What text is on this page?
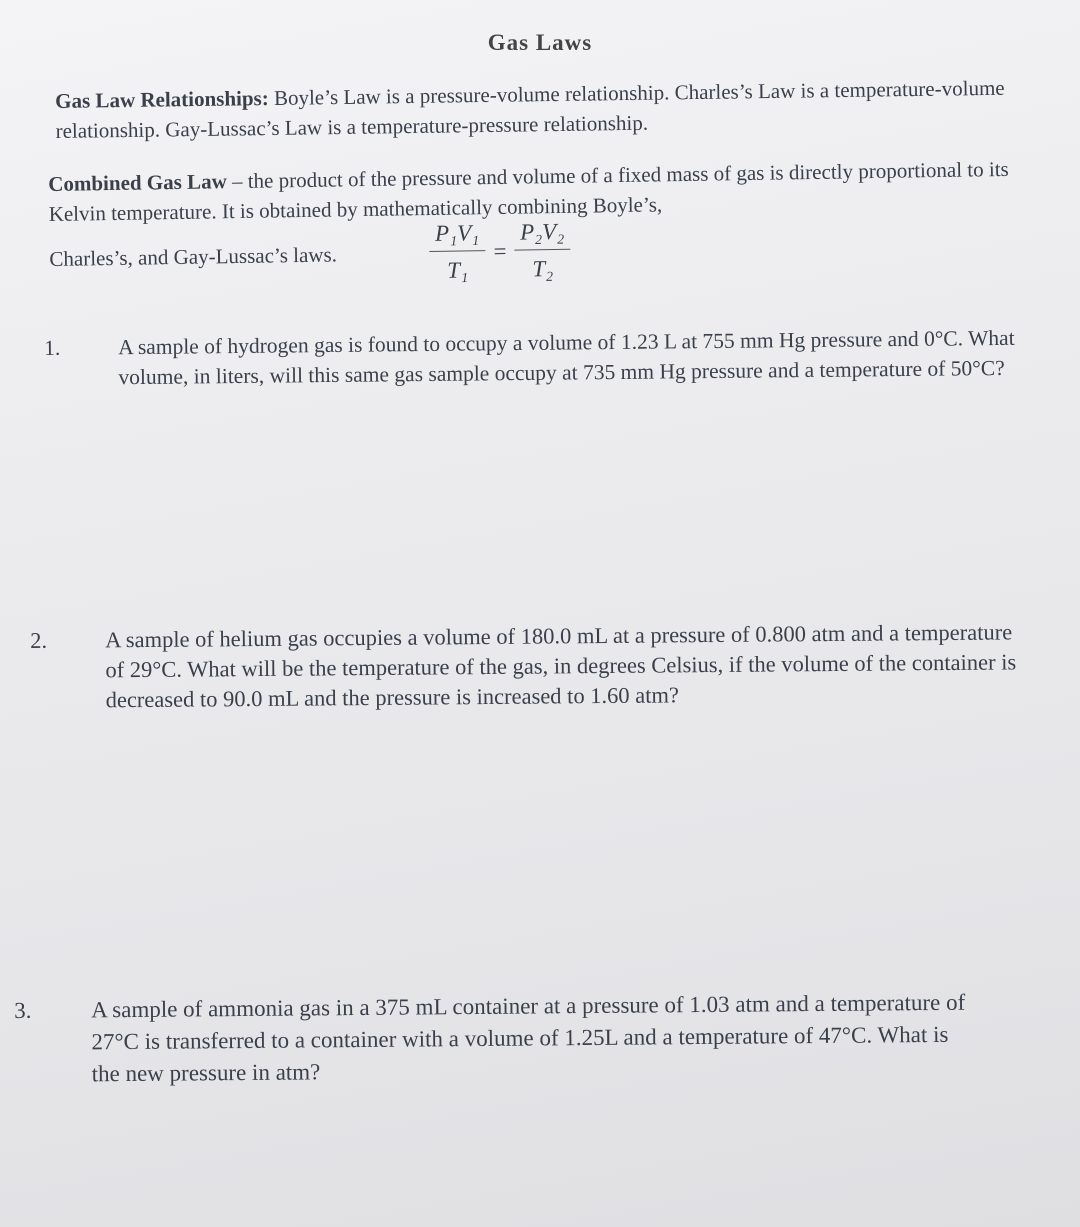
Gas Laws
Gas Law Relationships: Boyle’s Law is a pressure-volume relationship. Charles’s Law is a temperature-volume relationship. Gay-Lussac’s Law is a temperature-pressure relationship.
Combined Gas Law – the product of the pressure and volume of a fixed mass of gas is directly proportional to its Kelvin temperature. It is obtained by mathematically combining Boyle’s,
Charles’s, and Gay-Lussac’s laws.	$\frac{\text{P₁V₁}}{\text{T₁}} = \frac{\text{P₂V₂}}{\text{T₂}}$
1.	A sample of hydrogen gas is found to occupy a volume of 1.23 L at 755 mm Hg pressure and 0°C. What volume, in liters, will this same gas sample occupy at 735 mm Hg pressure and a temperature of 50°C?
2.	A sample of helium gas occupies a volume of 180.0 mL at a pressure of 0.800 atm and a temperature of 29°C. What will be the temperature of the gas, in degrees Celsius, if the volume of the container is decreased to 90.0 mL and the pressure is increased to 1.60 atm?
3.	A sample of ammonia gas in a 375 mL container at a pressure of 1.03 atm and a temperature of 27°C is transferred to a container with a volume of 1.25L and a temperature of 47°C. What is the new pressure in atm?
